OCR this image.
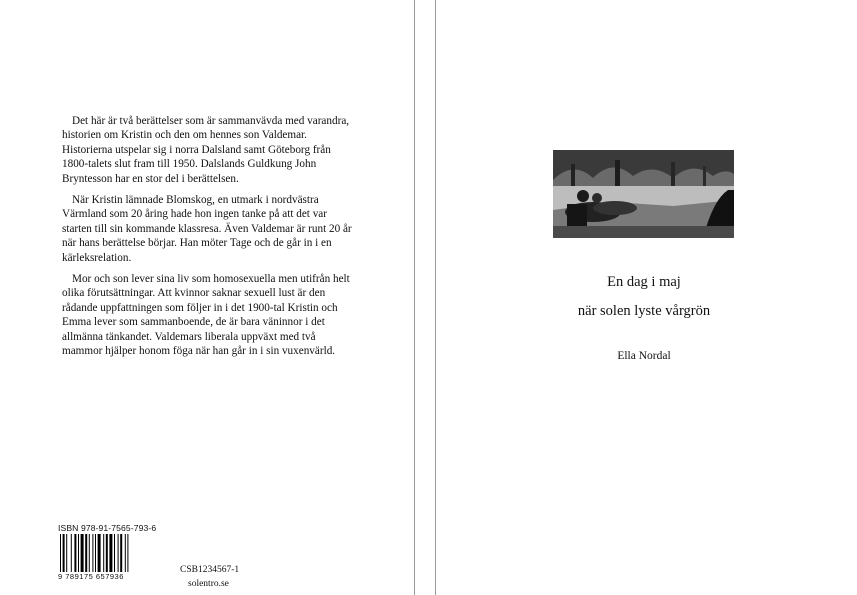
Det här är två berättelser som är sammanvävda med varandra, historien om Kristin och den om hennes son Valdemar. Historierna utspelar sig i norra Dalsland samt Göteborg från 1800-talets slut fram till 1950. Dalslands Guldkung John Bryntesson har en stor del i berättelsen.

När Kristin lämnade Blomskog, en utmark i nordvästra Värmland som 20 åring hade hon ingen tanke på att det var starten till sin kommande klassresa. Även Valdemar är runt 20 år när hans berättelse börjar. Han möter Tage och de går in i en kärleksrelation.

Mor och son lever sina liv som homosexuella men utifrån helt olika förutsättningar. Att kvinnor saknar sexuell lust är den rådande uppfattningen som följer in i det 1900-tal Kristin och Emma lever som sammanboende, de är bara väninnor i det allmänna tänkandet. Valdemars liberala uppväxt med två mammor hjälper honom föga när han går in i sin vuxenvärld.

En dag i maj
när solen lyste vårgrön
Ella Nordal
ISBN 978-91-7565-793-6
9 789175 657936
CSB1234567-1
solentro.se
